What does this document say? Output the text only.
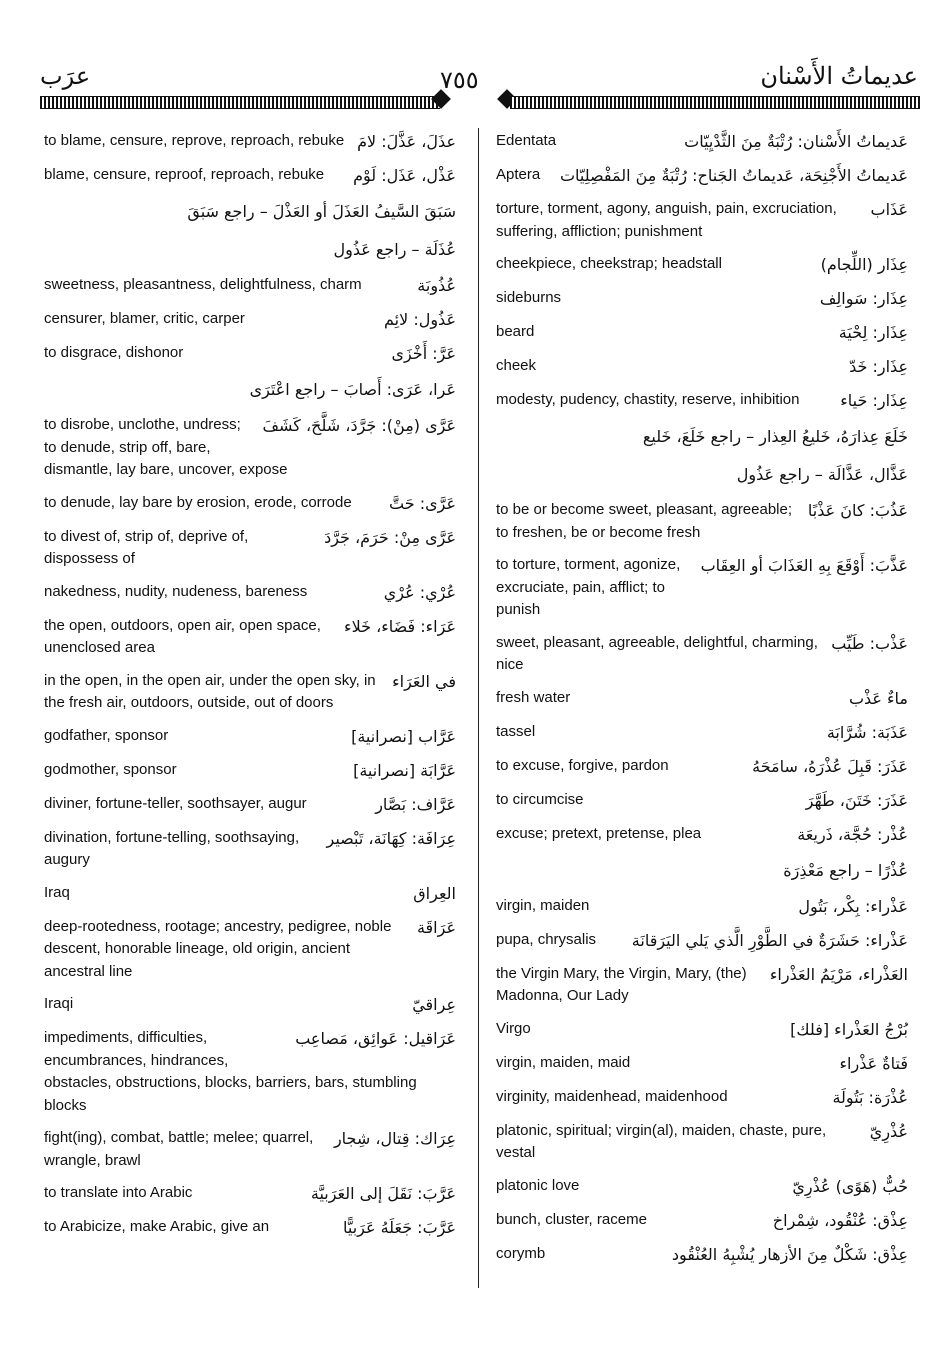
عرَب	٧٥٥	عديماتُ الأَسْنان
عذَلَ، عَذَّلَ: لامَ
to blame, censure, reprove, reproach, rebuke
عَذْل، عَذَل: لَوْم
blame, censure, reproof, reproach, rebuke
سَبَقَ السَّيفُ العَذَلَ أو العَذْلَ – راجع سَبَقَ
عُذَلَة – راجع عَذُول
عُذُوبَة
sweetness, pleasantness, delightfulness, charm
عَذُول: لائِم
censurer, blamer, critic, carper
عَرَّ: أَخْزَى
to disgrace, dishonor
عَرا، عَرَى: أَصابَ – راجع اعْتَرَى
عَرَّى (مِنْ): جَرَّدَ، شَلَّحَ، كَشَفَ
to disrobe, unclothe, undress; to denude, strip off, bare, dismantle, lay bare, uncover, expose
عَرَّى: حَتَّ
to denude, lay bare by erosion, erode, corrode
عَرَّى مِنْ: حَرَمَ، جَرَّدَ
to divest of, strip of, deprive of, dispossess of
عُرْي: عُرْي
nakedness, nudity, nudeness, bareness
عَرَاء: فَضَاء، خَلاء
the open, outdoors, open air, open space, unenclosed area
في العَرَاء
in the open, in the open air, under the open sky, in the fresh air, outdoors, outside, out of doors
عَرَّاب [نصرانية]
godfather, sponsor
عَرَّابَة [نصرانية]
godmother, sponsor
عَرَّاف: بَصَّار
diviner, fortune-teller, soothsayer, augur
عِرَافَة: كِهَانَة، تَبْصير
divination, fortune-telling, soothsaying, augury
العِراق
Iraq
عَرَاقَة
deep-rootedness, rootage; ancestry, pedigree, noble descent, honorable lineage, old origin, ancient ancestral line
عِراقيّ
Iraqi
عَرَاقيل: عَوائِق، مَصاعِب
impediments, difficulties, encumbrances, hindrances, obstacles, obstructions, blocks, barriers, bars, stumbling blocks
عِرَاك: قِتال، شِجار
fight(ing), combat, battle; melee; quarrel, wrangle, brawl
عَرَّبَ: نَقَلَ إلى العَرَبيَّة
to translate into Arabic
عَرَّبَ: جَعَلَهُ عَرَبيًّا
to Arabicize, make Arabic, give an
عَديماتُ الأَسْنان: رُتْبَةٌ مِنَ الثَّدْيِيّات
Edentata
عَديماتُ الأَجْنِحَة، عَديماتُ الجَناح: رُتْبَةٌ مِنَ المَفْصِلِيّات
Aptera
عَذَاب
torture, torment, agony, anguish, pain, excruciation, suffering, affliction; punishment
عِذَار (اللِّجام)
cheekpiece, cheekstrap; headstall
عِذَار: سَوالِف
sideburns
عِذَار: لِحْيَة
beard
عِذَار: خَدّ
cheek
عِذَار: حَياء
modesty, pudency, chastity, reserve, inhibition
خَلَعَ عِذارَهُ، خَليعُ العِذار – راجع خَلَعَ، خَليع
عَذَّال، عَذَّالَة – راجع عَذُول
عَذُبَ: كانَ عَذْبًا
to be or become sweet, pleasant, agreeable; to freshen, be or become fresh
عَذَّبَ: أَوْقَعَ بِهِ العَذَابَ أو العِقَاب
to torture, torment, agonize, excruciate, pain, afflict; to punish
عَذْب: طَيِّب
sweet, pleasant, agreeable, delightful, charming, nice
ماءٌ عَذْب
fresh water
عَذَبَة: شُرَّابَة
tassel
عَذَرَ: قَبِلَ عُذْرَهُ، سامَحَهُ
to excuse, forgive, pardon
عَذَرَ: خَتَنَ، طَهَّرَ
to circumcise
عُذْر: حُجَّة، ذَريعَة
excuse; pretext, pretense, plea
عُذْرًا – راجع مَعْذِرَة
عَذْراء: بِكْر، بَتُول
virgin, maiden
عَذْراء: حَشَرَةٌ في الطَّوْرِ الَّذي يَلي اليَرَقانَة
pupa, chrysalis
العَذْراء، مَرْيَمُ العَذْراء
the Virgin Mary, the Virgin, Mary, (the) Madonna, Our Lady
بُرْجُ العَذْراء [فلك]
Virgo
فَتاةٌ عَذْراء
virgin, maiden, maid
عُذْرَة: بَتُولَة
virginity, maidenhead, maidenhood
عُذْرِيّ
platonic, spiritual; virgin(al), maiden, chaste, pure, vestal
حُبٌّ (هَوًى) عُذْرِيّ
platonic love
عِذْق: عُنْقُود، شِمْراخ
bunch, cluster, raceme
عِذْق: شَكْلٌ مِنَ الأزهار يُشْبِهُ العُنْقُود
corymb
